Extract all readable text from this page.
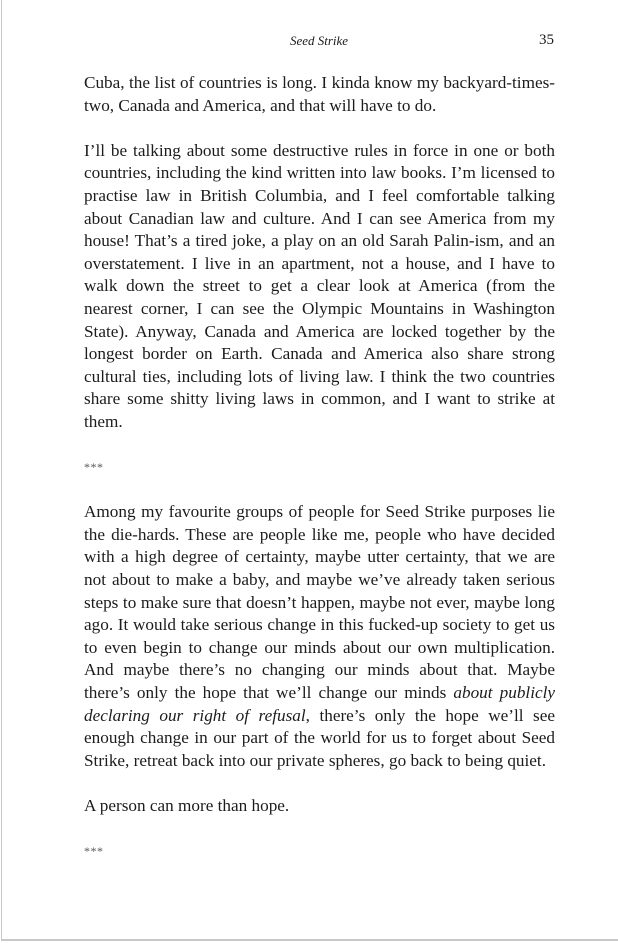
Seed Strike	35

Cuba, the list of countries is long. I kinda know my backyard-times-two, Canada and America, and that will have to do.

I’ll be talking about some destructive rules in force in one or both countries, including the kind written into law books. I’m licensed to practise law in British Columbia, and I feel comfortable talking about Canadian law and culture. And I can see America from my house! That’s a tired joke, a play on an old Sarah Palin-ism, and an overstatement. I live in an apartment, not a house, and I have to walk down the street to get a clear look at America (from the nearest corner, I can see the Olympic Mountains in Washington State). Anyway, Canada and America are locked together by the longest border on Earth. Canada and America also share strong cultural ties, including lots of living law. I think the two countries share some shitty living laws in common, and I want to strike at them.

***

Among my favourite groups of people for Seed Strike purposes lie the die-hards. These are people like me, people who have decided with a high degree of certainty, maybe utter certainty, that we are not about to make a baby, and maybe we’ve already taken serious steps to make sure that doesn’t happen, maybe not ever, maybe long ago. It would take serious change in this fucked-up society to get us to even begin to change our minds about our own multiplication. And maybe there’s no changing our minds about that. Maybe there’s only the hope that we’ll change our minds about publicly declaring our right of refusal, there’s only the hope we’ll see enough change in our part of the world for us to forget about Seed Strike, retreat back into our private spheres, go back to being quiet.

A person can more than hope.

***
